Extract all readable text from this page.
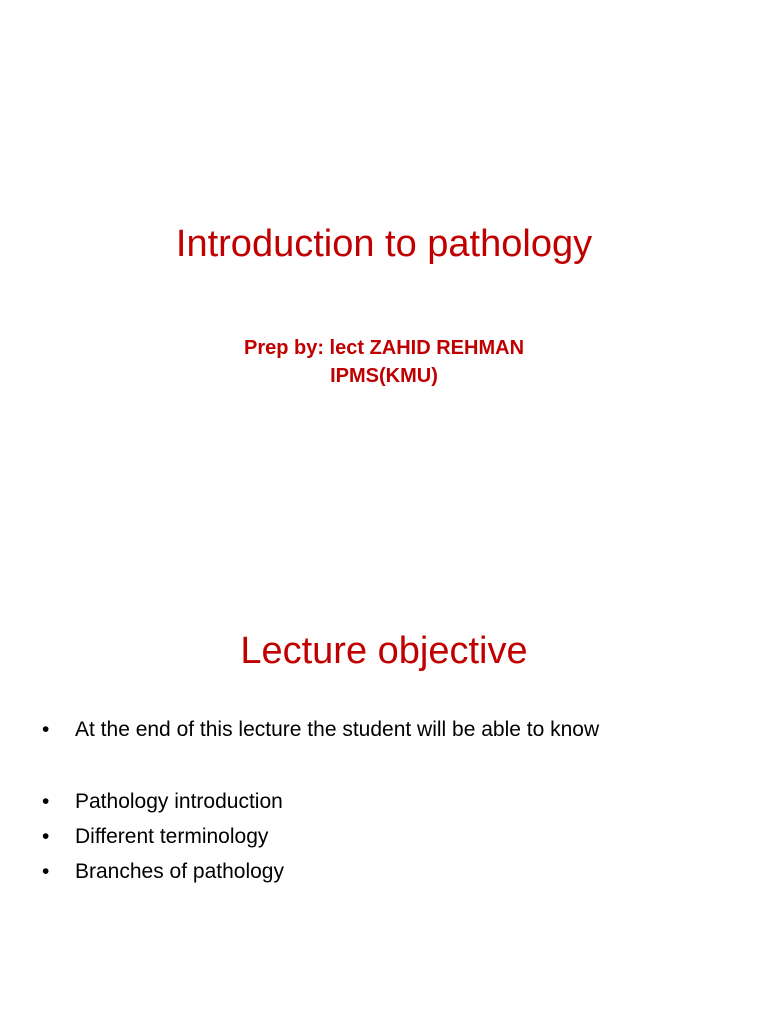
Introduction to pathology
Prep by: lect ZAHID REHMAN
IPMS(KMU)
Lecture objective
•	At the end of this lecture the student will be able to know
•	Pathology introduction
•	Different terminology
•	Branches of pathology
